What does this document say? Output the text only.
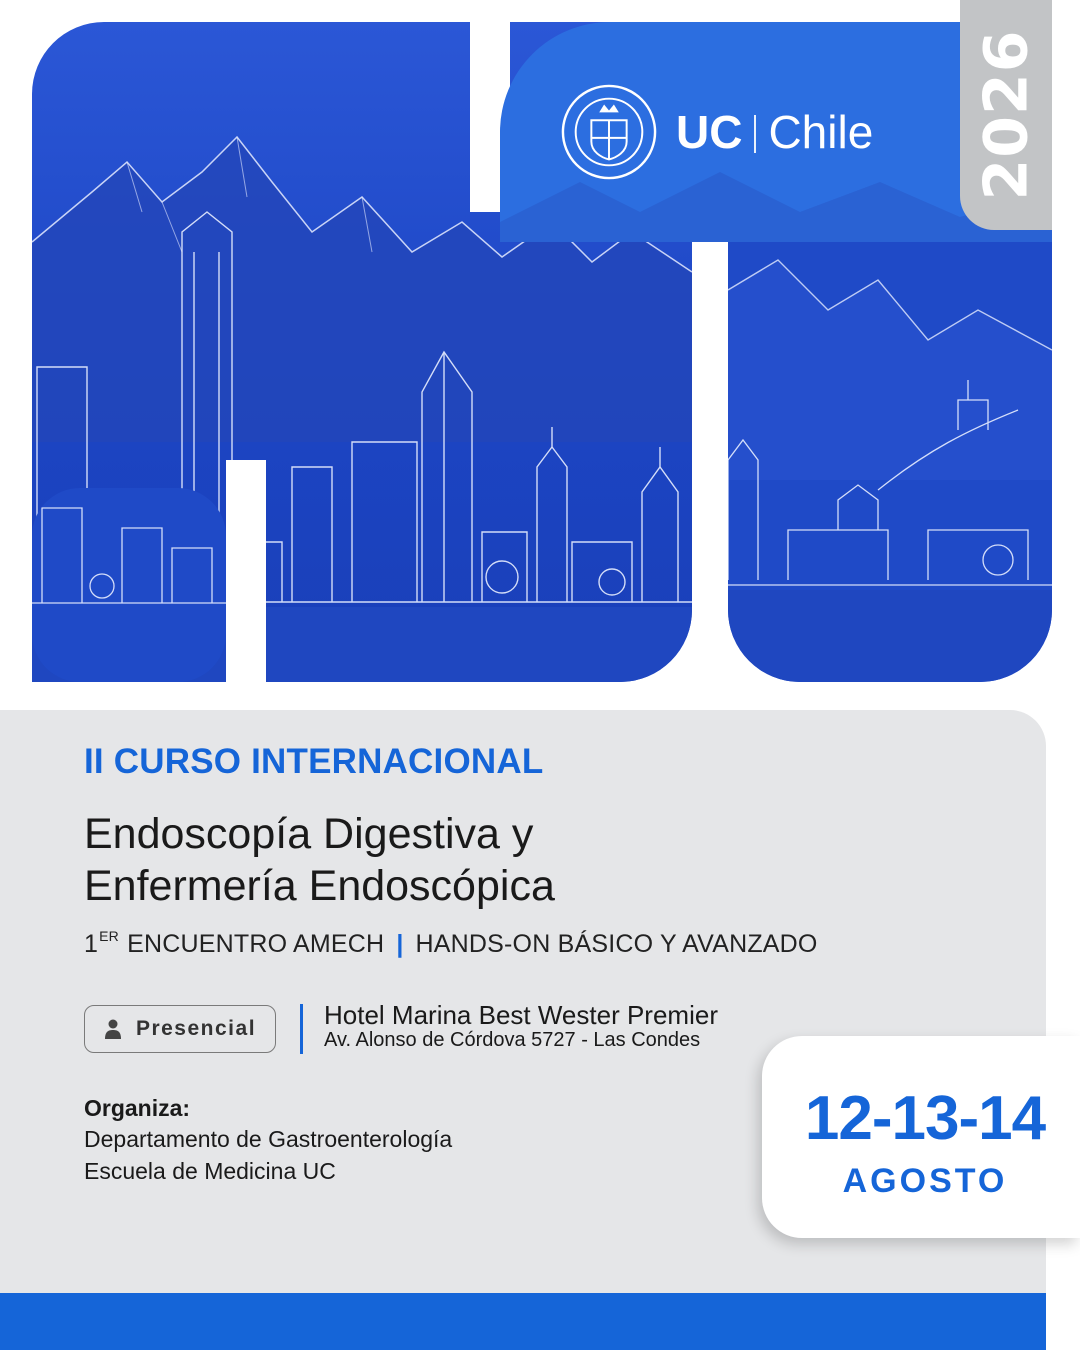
2026
UC Chile
II CURSO INTERNACIONAL
Endoscopía Digestiva y
Enfermería Endoscópica
1ER ENCUENTRO AMECH | HANDS-ON BÁSICO Y AVANZADO
Presencial	Hotel Marina Best Wester Premier
Av. Alonso de Córdova 5727 - Las Condes
Organiza:
Departamento de Gastroenterología
Escuela de Medicina UC
12-13-14
AGOSTO
